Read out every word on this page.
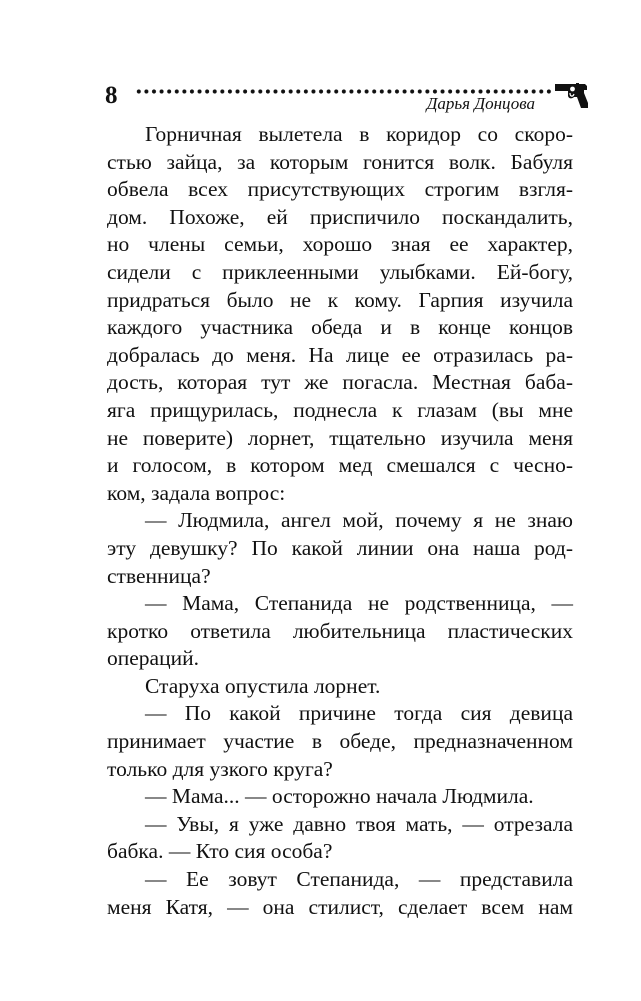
8	Дарья Донцова
Горничная вылетела в коридор со скоро-
стью зайца, за которым гонится волк. Бабуля
обвела всех присутствующих строгим взгля-
дом. Похоже, ей приспичило поскандалить,
но члены семьи, хорошо зная ее характер,
сидели с приклеенными улыбками. Ей-богу,
придраться было не к кому. Гарпия изучила
каждого участника обеда и в конце концов
добралась до меня. На лице ее отразилась ра-
дость, которая тут же погасла. Местная баба-
яга прищурилась, поднесла к глазам (вы мне
не поверите) лорнет, тщательно изучила меня
и голосом, в котором мед смешался с чесно-
ком, задала вопрос:
— Людмила, ангел мой, почему я не знаю
эту девушку? По какой линии она наша род-
ственница?
— Мама, Степанида не родственница, —
кротко ответила любительница пластических
операций.
Старуха опустила лорнет.
— По какой причине тогда сия девица
принимает участие в обеде, предназначенном
только для узкого круга?
— Мама... — осторожно начала Людмила.
— Увы, я уже давно твоя мать, — отрезала
бабка. — Кто сия особа?
— Ее зовут Степанида, — представила
меня Катя, — она стилист, сделает всем нам
